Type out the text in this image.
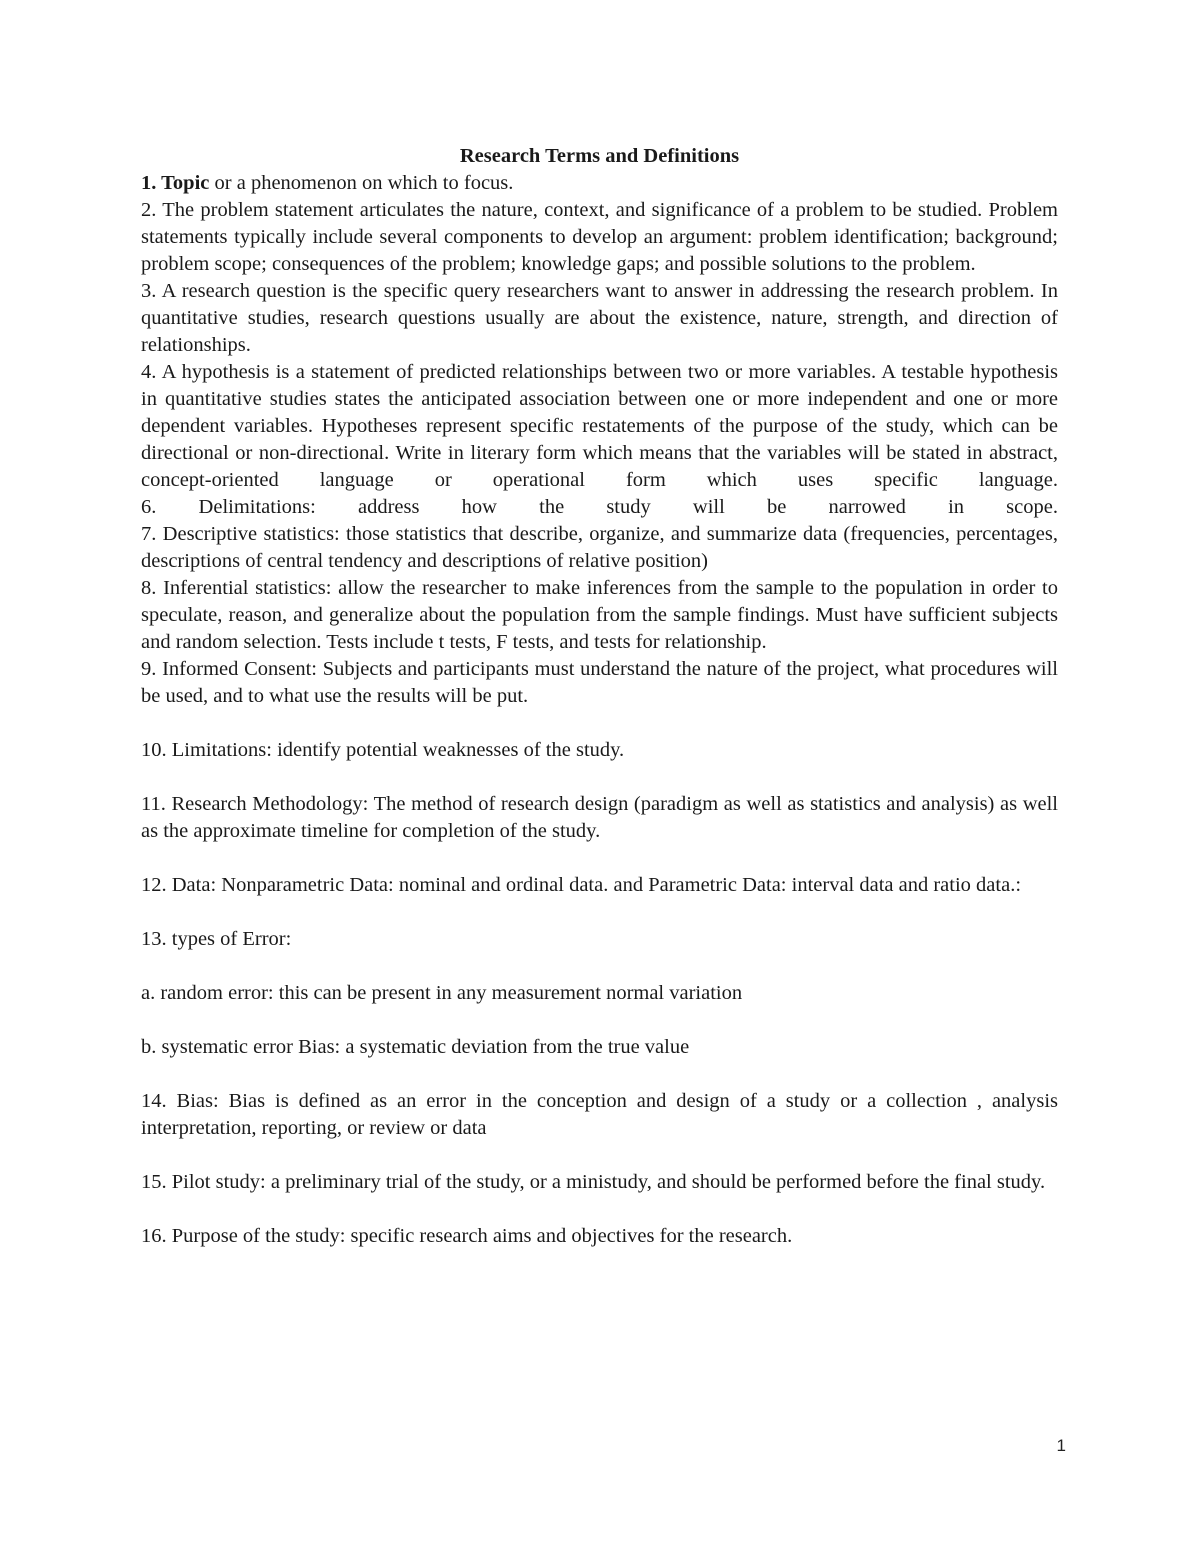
Research Terms and Definitions

1. Topic or a phenomenon on which to focus.

2. The problem statement articulates the nature, context, and significance of a problem to be studied. Problem statements typically include several components to develop an argument: problem identification; background; problem scope; consequences of the problem; knowledge gaps; and possible solutions to the problem.

3. A research question is the specific query researchers want to answer in addressing the research problem. In quantitative studies, research questions usually are about the existence, nature, strength, and direction of relationships.

4. A hypothesis is a statement of predicted relationships between two or more variables. A testable hypothesis in quantitative studies states the anticipated association between one or more independent and one or more dependent variables. Hypotheses represent specific restatements of the purpose of the study, which can be directional or non-directional. Write in literary form which means that the variables will be stated in abstract, concept-oriented language or operational form which uses specific language.

6. Delimitations: address how the study will be narrowed in scope.

7. Descriptive statistics: those statistics that describe, organize, and summarize data (frequencies, percentages, descriptions of central tendency and descriptions of relative position)

8. Inferential statistics: allow the researcher to make inferences from the sample to the population in order to speculate, reason, and generalize about the population from the sample findings. Must have sufficient subjects and random selection. Tests include t tests, F tests, and tests for relationship.

9. Informed Consent: Subjects and participants must understand the nature of the project, what procedures will be used, and to what use the results will be put.

10. Limitations: identify potential weaknesses of the study.

11. Research Methodology: The method of research design (paradigm as well as statistics and analysis) as well as the approximate timeline for completion of the study.

12. Data: Nonparametric Data: nominal and ordinal data. and Parametric Data: interval data and ratio data.:

13. types of Error:

a. random error: this can be present in any measurement normal variation

b. systematic error Bias: a systematic deviation from the true value

14. Bias: Bias is defined as an error in the conception and design of a study or a collection , analysis interpretation, reporting, or review or data

15. Pilot study: a preliminary trial of the study, or a ministudy, and should be performed before the final study.

16. Purpose of the study: specific research aims and objectives for the research.

1
